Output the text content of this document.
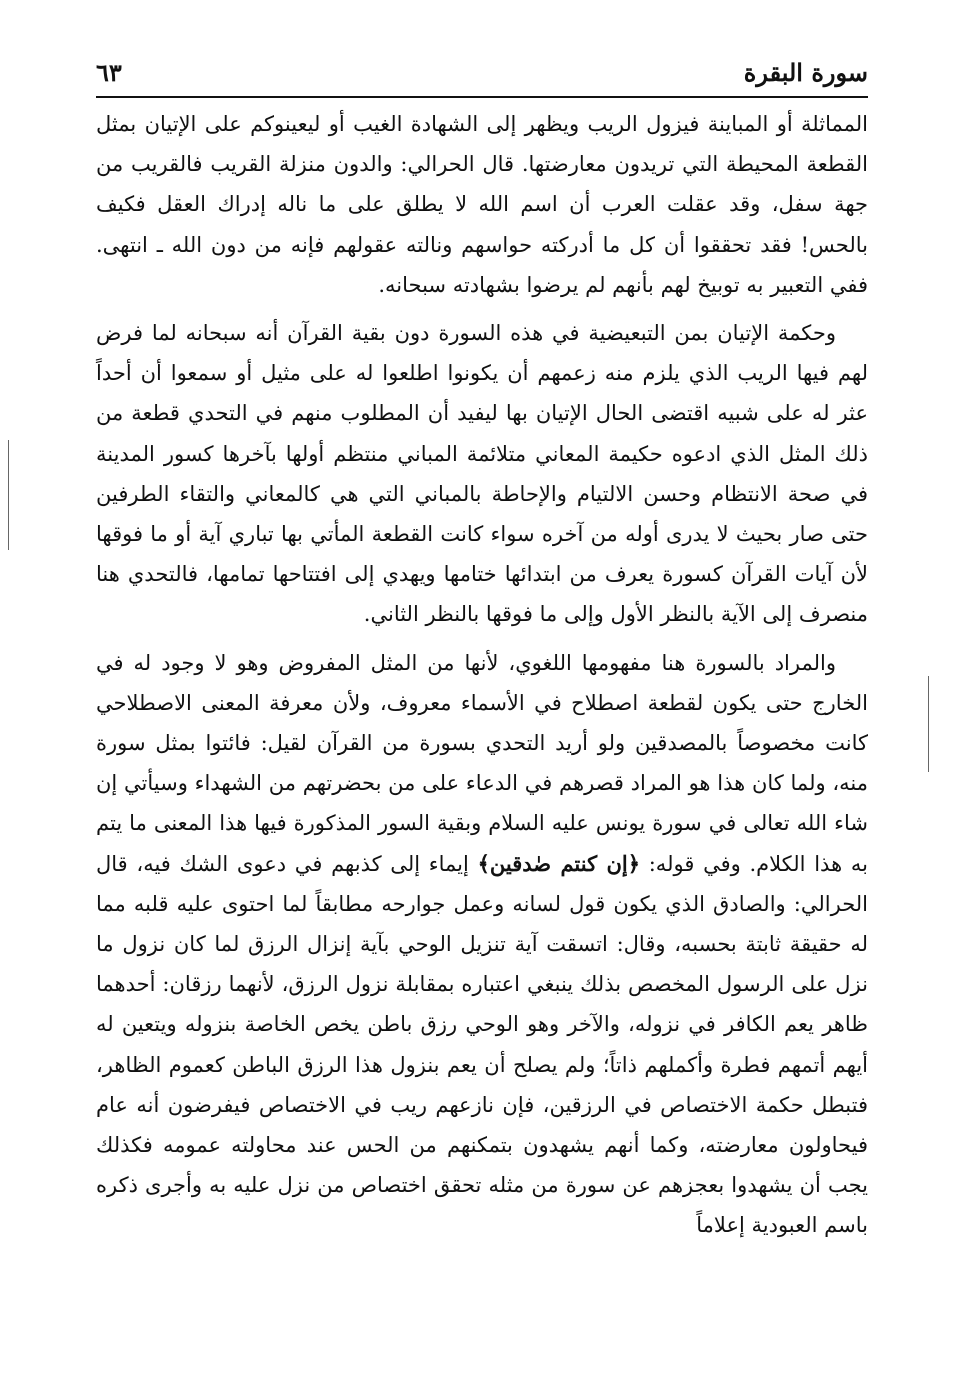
سورة البقرة
٦٣

المماثلة أو المباينة فيزول الريب ويظهر إلى الشهادة الغيب أو ليعينوكم على الإتيان بمثل القطعة المحيطة التي تريدون معارضتها. قال الحرالي: والدون منزلة القريب فالقريب من جهة سفل، وقد عقلت العرب أن اسم الله لا يطلق على ما ناله إدراك العقل فكيف بالحس! فقد تحققوا أن كل ما أدركته حواسهم ونالته عقولهم فإنه من دون الله ـ انتهى. ففي التعبير به توبيخ لهم بأنهم لم يرضوا بشهادته سبحانه.

وحكمة الإتيان بمن التبعيضية في هذه السورة دون بقية القرآن أنه سبحانه لما فرض لهم فيها الريب الذي يلزم منه زعمهم أن يكونوا اطلعوا له على مثيل أو سمعوا أن أحداً عثر له على شبيه اقتضى الحال الإتيان بها ليفيد أن المطلوب منهم في التحدي قطعة من ذلك المثل الذي ادعوه حكيمة المعاني متلائمة المباني منتظم أولها بآخرها كسور المدينة في صحة الانتظام وحسن الالتيام والإحاطة بالمباني التي هي كالمعاني والتقاء الطرفين حتى صار بحيث لا يدرى أوله من آخره سواء كانت القطعة المأتي بها تباري آية أو ما فوقها لأن آيات القرآن كسورة يعرف من ابتدائها ختامها ويهدي إلى افتتاحها تمامها، فالتحدي هنا منصرف إلى الآية بالنظر الأول وإلى ما فوقها بالنظر الثاني.

والمراد بالسورة هنا مفهومها اللغوي، لأنها من المثل المفروض وهو لا وجود له في الخارج حتى يكون لقطعة اصطلاح في الأسماء معروف، ولأن معرفة المعنى الاصطلاحي كانت مخصوصاً بالمصدقين ولو أريد التحدي بسورة من القرآن لقيل: فائتوا بمثل سورة منه، ولما كان هذا هو المراد قصرهم في الدعاء على من بحضرتهم من الشهداء وسيأتي إن شاء الله تعالى في سورة يونس عليه السلام وبقية السور المذكورة فيها هذا المعنى ما يتم به هذا الكلام. وفي قوله: ﴿إن كنتم صٰدقين﴾ إيماء إلى كذبهم في دعوى الشك فيه، قال الحرالي: والصادق الذي يكون قول لسانه وعمل جوارحه مطابقاً لما احتوى عليه قلبه مما له حقيقة ثابتة بحسبه، وقال: اتسقت آية تنزيل الوحي بآية إنزال الرزق لما كان نزول ما نزل على الرسول المخصص بذلك ينبغي اعتباره بمقابلة نزول الرزق، لأنهما رزقان: أحدهما ظاهر يعم الكافر في نزوله، والآخر وهو الوحي رزق باطن يخص الخاصة بنزوله ويتعين له أيهم أتمهم فطرة وأكملهم ذاتاً؛ ولم يصلح أن يعم بنزول هذا الرزق الباطن كعموم الظاهر، فتبطل حكمة الاختصاص في الرزقين، فإن نازعهم ريب في الاختصاص فيفرضون أنه عام فيحاولون معارضته، وكما أنهم يشهدون بتمكنهم من الحس عند محاولته عمومه فكذلك يجب أن يشهدوا بعجزهم عن سورة من مثله تحقق اختصاص من نزل عليه به وأجرى ذكره باسم العبودية إعلاماً
